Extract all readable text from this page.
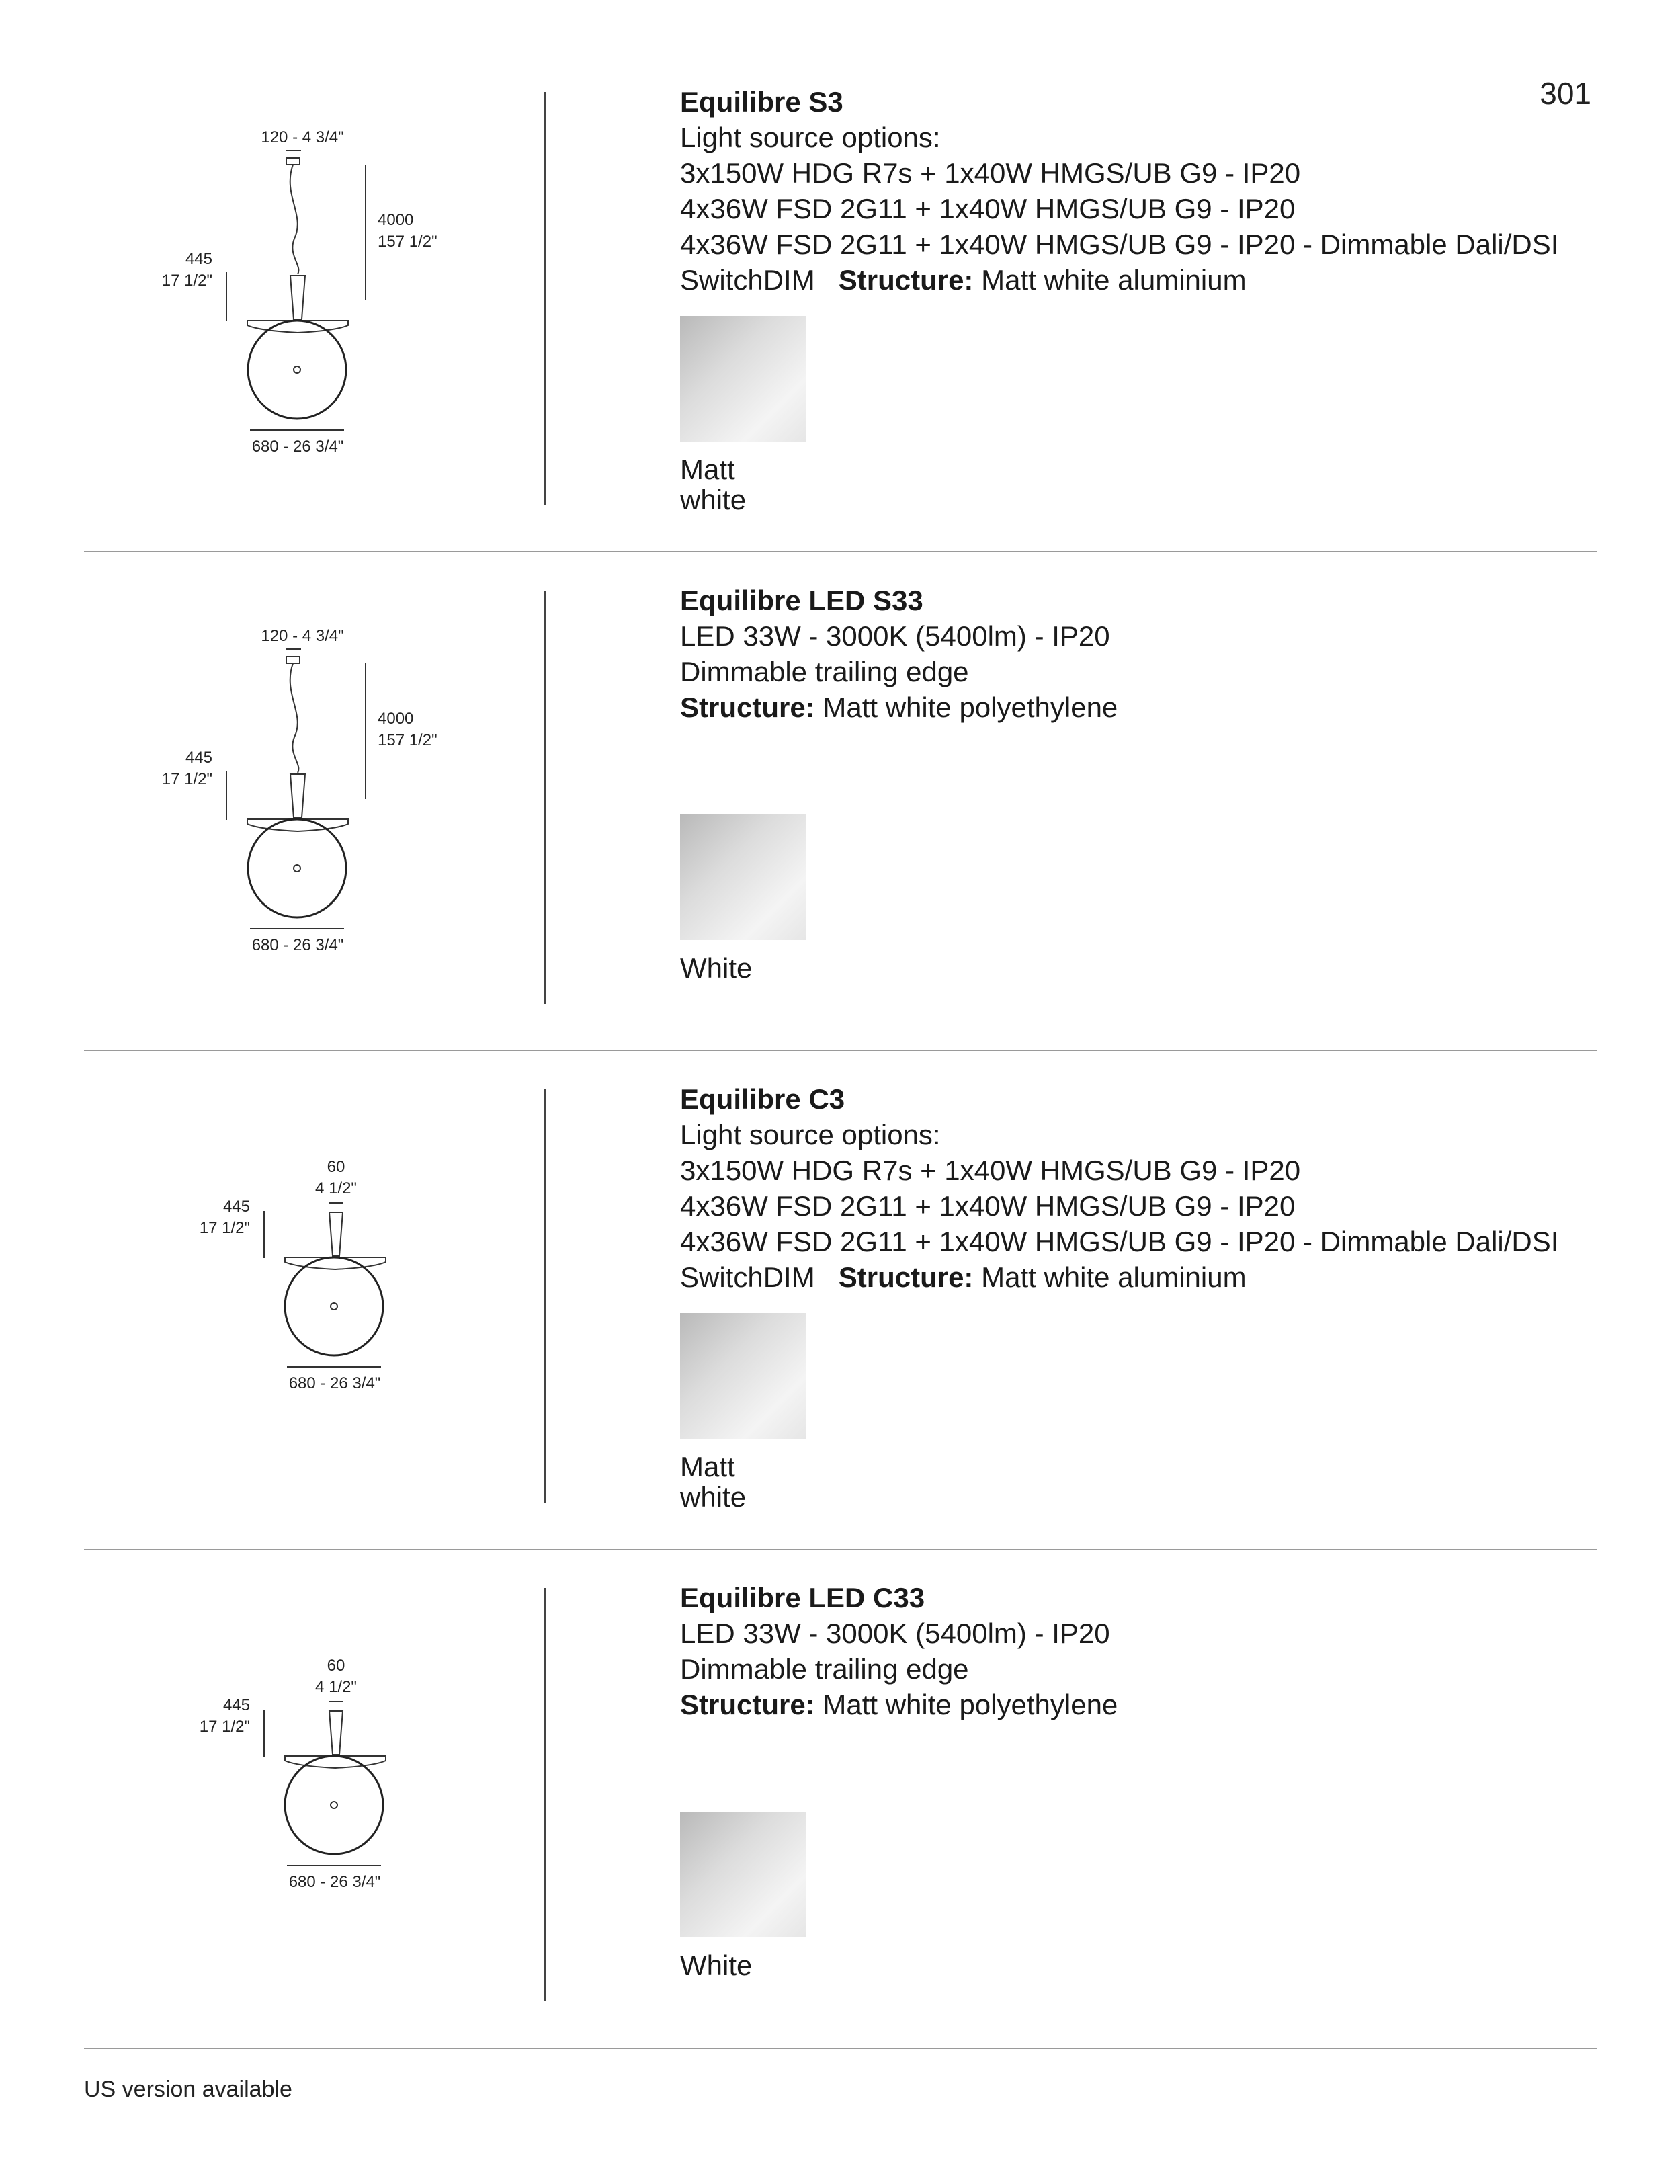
301
120 - 4 3/4"
445
17 1/2"
4000
157 1/2"
680 - 26 3/4"
Equilibre S3
Light source options:
3x150W HDG R7s + 1x40W HMGS/UB G9 - IP20
4x36W FSD 2G11 + 1x40W HMGS/UB G9 - IP20
4x36W FSD 2G11 + 1x40W HMGS/UB G9 - IP20 - Dimmable Dali/DSI
SwitchDIM Structure: Matt white aluminium
Matt
white
120 - 4 3/4"
445
17 1/2"
4000
157 1/2"
680 - 26 3/4"
Equilibre LED S33
LED 33W - 3000K (5400lm) - IP20
Dimmable trailing edge
Structure: Matt white polyethylene
White
60
4 1/2"
445
17 1/2"
680 - 26 3/4"
Equilibre C3
Light source options:
3x150W HDG R7s + 1x40W HMGS/UB G9 - IP20
4x36W FSD 2G11 + 1x40W HMGS/UB G9 - IP20
4x36W FSD 2G11 + 1x40W HMGS/UB G9 - IP20 - Dimmable Dali/DSI
SwitchDIM Structure: Matt white aluminium
Matt
white
60
4 1/2"
445
17 1/2"
680 - 26 3/4"
Equilibre LED C33
LED 33W - 3000K (5400lm) - IP20
Dimmable trailing edge
Structure: Matt white polyethylene
White
US version available
